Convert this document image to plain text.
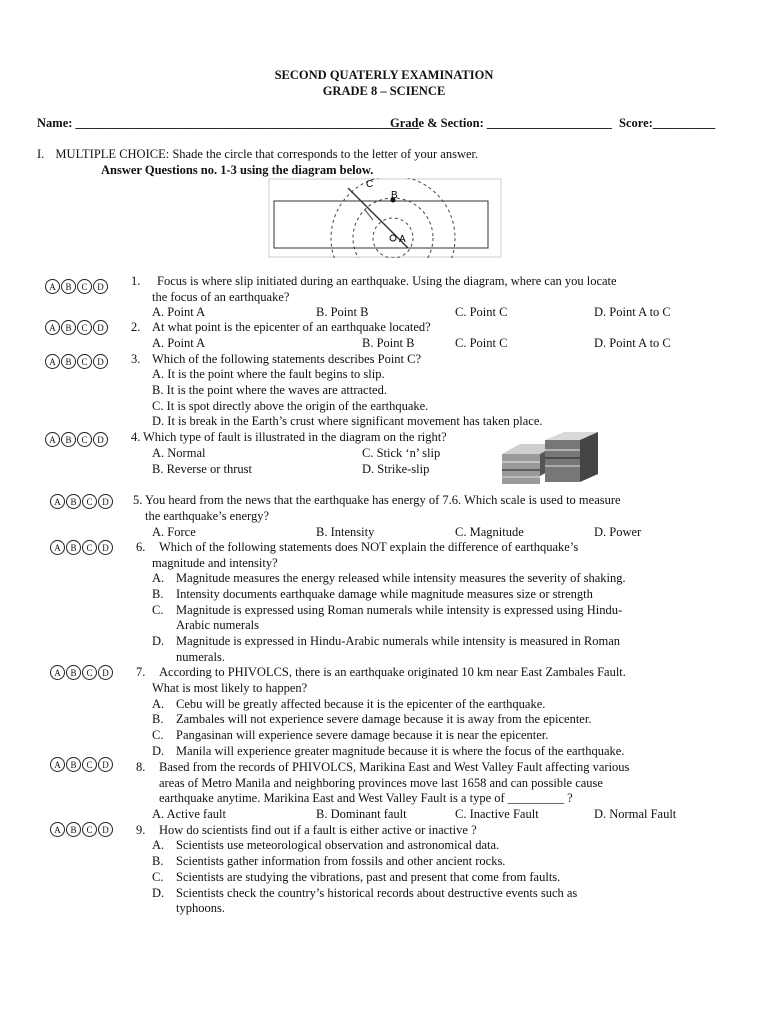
SECOND QUATERLY EXAMINATION
GRADE 8 – SCIENCE
Name: _______________________________________________________
Grade & Section: ____________________ Score:__________
I. MULTIPLE CHOICE: Shade the circle that corresponds to the letter of your answer.
Answer Questions no. 1-3 using the diagram below.
C
B
A
A	B	C	D
A	B	C	D
A	B	C	D
A	B	C	D
A	B	C	D
A	B	C	D
A	B	C	D
A	B	C	D
A	B	C	D
1. Focus is where slip initiated during an earthquake. Using the diagram, where can you locate
the focus of an earthquake?
A. Point A	B. Point B	C. Point C	D. Point A to C
2. At what point is the epicenter of an earthquake located?
A. Point A	B. Point B	C. Point C	D. Point A to C
3. Which of the following statements describes Point C?
A. It is the point where the fault begins to slip.
B. It is the point where the waves are attracted.
C. It is spot directly above the origin of the earthquake.
D. It is break in the Earth’s crust where significant movement has taken place.
4. Which type of fault is illustrated in the diagram on the right?
A. Normal	C. Stick ‘n’ slip
B. Reverse or thrust	D. Strike-slip
5. You heard from the news that the earthquake has energy of 7.6. Which scale is used to measure
the earthquake’s energy?
A. Force	B. Intensity	C. Magnitude	D. Power
6. Which of the following statements does NOT explain the difference of earthquake’s
magnitude and intensity?
A. Magnitude measures the energy released while intensity measures the severity of shaking.
B. Intensity documents earthquake damage while magnitude measures size or strength
C. Magnitude is expressed using Roman numerals while intensity is expressed using Hindu-
Arabic numerals
D. Magnitude is expressed in Hindu-Arabic numerals while intensity is measured in Roman
numerals.
7. According to PHIVOLCS, there is an earthquake originated 10 km near East Zambales Fault.
What is most likely to happen?
A. Cebu will be greatly affected because it is the epicenter of the earthquake.
B. Zambales will not experience severe damage because it is away from the epicenter.
C. Pangasinan will experience severe damage because it is near the epicenter.
D. Manila will experience greater magnitude because it is where the focus of the earthquake.
8. Based from the records of PHIVOLCS, Marikina East and West Valley Fault affecting various
areas of Metro Manila and neighboring provinces move last 1658 and can possible cause
earthquake anytime. Marikina East and West Valley Fault is a type of _________ ?
A. Active fault	B. Dominant fault	C. Inactive Fault	D. Normal Fault
9. How do scientists find out if a fault is either active or inactive ?
A. Scientists use meteorological observation and astronomical data.
B. Scientists gather information from fossils and other ancient rocks.
C. Scientists are studying the vibrations, past and present that come from faults.
D. Scientists check the country’s historical records about destructive events such as
typhoons.
